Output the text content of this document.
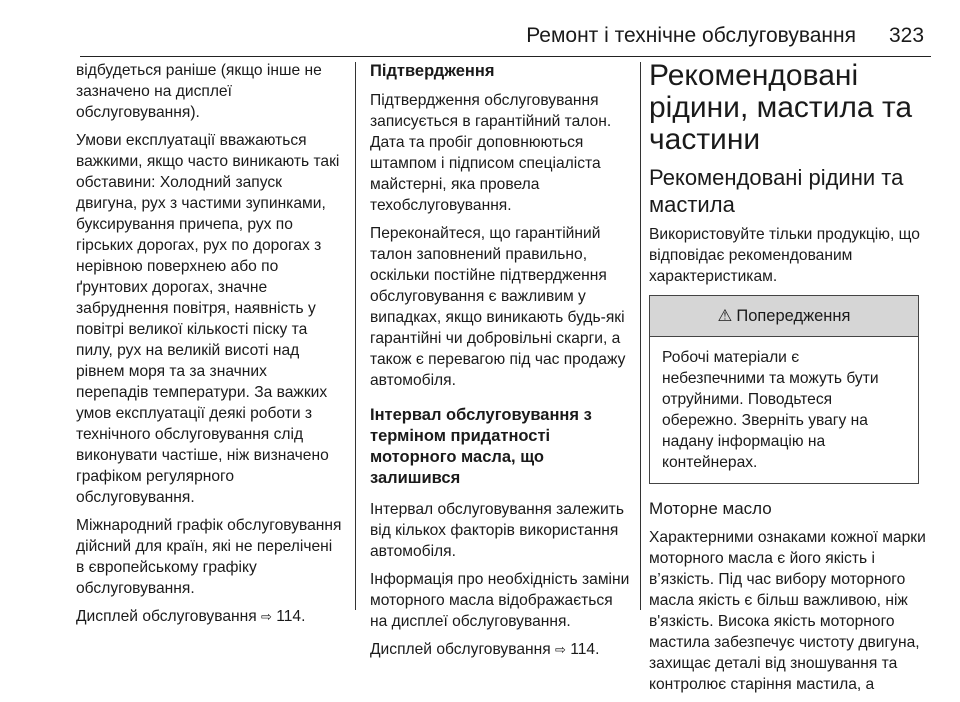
Ремонт і технічне обслуговування 323

відбудеться раніше (якщо інше не зазначено на дисплеї обслуговування).

Умови експлуатації вважаються важкими, якщо часто виникають такі обставини: Холодний запуск двигуна, рух з частими зупинками, буксирування причепа, рух по гірських дорогах, рух по дорогах з нерівною поверхнею або по ґрунтових дорогах, значне забруднення повітря, наявність у повітрі великої кількості піску та пилу, рух на великій висоті над рівнем моря та за значних перепадів температури. За важких умов експлуатації деякі роботи з технічного обслуговування слід виконувати частіше, ніж визначено графіком регулярного обслуговування.

Міжнародний графік обслуговування дійсний для країн, які не перелічені в європейському графіку обслуговування.

Дисплей обслуговування ⇨ 114.

Підтвердження

Підтвердження обслуговування записується в гарантійний талон. Дата та пробіг доповнюються штампом і підписом спеціаліста майстерні, яка провела техобслуговування.

Переконайтеся, що гарантійний талон заповнений правильно, оскільки постійне підтвердження обслуговування є важливим у випадках, якщо виникають будь-які гарантійні чи добровільні скарги, а також є перевагою під час продажу автомобіля.

Інтервал обслуговування з терміном придатності моторного масла, що залишився

Інтервал обслуговування залежить від кількох факторів використання автомобіля.

Інформація про необхідність заміни моторного масла відображається на дисплеї обслуговування.

Дисплей обслуговування ⇨ 114.

Рекомендовані рідини, мастила та частини
Рекомендовані рідини та мастила

Використовуйте тільки продукцію, що відповідає рекомендованим характеристикам.

⚠ Попередження
Робочі матеріали є небезпечними та можуть бути отруйними. Поводьтеся обережно. Зверніть увагу на надану інформацію на контейнерах.
Моторне масло

Характерними ознаками кожної марки моторного масла є його якість і в’язкість. Під час вибору моторного масла якість є більш важливою, ніж в'язкість. Висока якість моторного мастила забезпечує чистоту двигуна, захищає деталі від зношування та контролює старіння мастила, а
